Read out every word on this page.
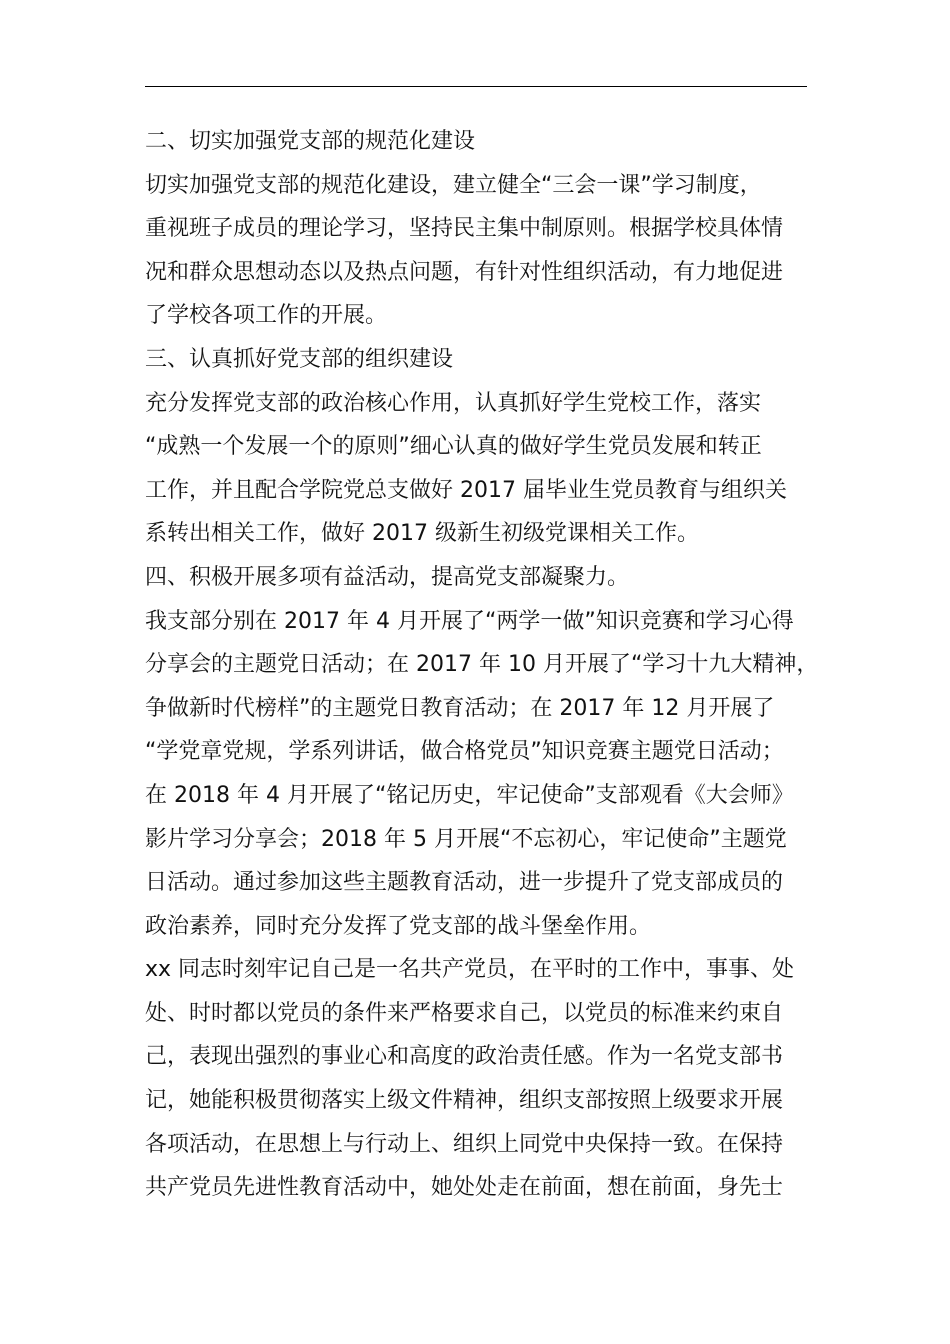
二、切实加强党支部的规范化建设
切实加强党支部的规范化建设，建立健全“三会一课”学习制度，
重视班子成员的理论学习，坚持民主集中制原则。根据学校具体情
况和群众思想动态以及热点问题，有针对性组织活动，有力地促进
了学校各项工作的开展。
三、认真抓好党支部的组织建设
充分发挥党支部的政治核心作用，认真抓好学生党校工作，落实
“成熟一个发展一个的原则”细心认真的做好学生党员发展和转正
工作，并且配合学院党总支做好 2017 届毕业生党员教育与组织关
系转出相关工作，做好 2017 级新生初级党课相关工作。
四、积极开展多项有益活动，提高党支部凝聚力。
我支部分别在 2017 年 4 月开展了“两学一做”知识竞赛和学习心得
分享会的主题党日活动；在 2017 年 10 月开展了“学习十九大精神，
争做新时代榜样”的主题党日教育活动；在 2017 年 12 月开展了
“学党章党规，学系列讲话，做合格党员”知识竞赛主题党日活动；
在 2018 年 4 月开展了“铭记历史，牢记使命”支部观看《大会师》
影片学习分享会；2018 年 5 月开展“不忘初心，牢记使命”主题党
日活动。通过参加这些主题教育活动，进一步提升了党支部成员的
政治素养，同时充分发挥了党支部的战斗堡垒作用。
xx 同志时刻牢记自己是一名共产党员，在平时的工作中，事事、处
处、时时都以党员的条件来严格要求自己，以党员的标准来约束自
己，表现出强烈的事业心和高度的政治责任感。作为一名党支部书
记，她能积极贯彻落实上级文件精神，组织支部按照上级要求开展
各项活动，在思想上与行动上、组织上同党中央保持一致。在保持
共产党员先进性教育活动中，她处处走在前面，想在前面，身先士
